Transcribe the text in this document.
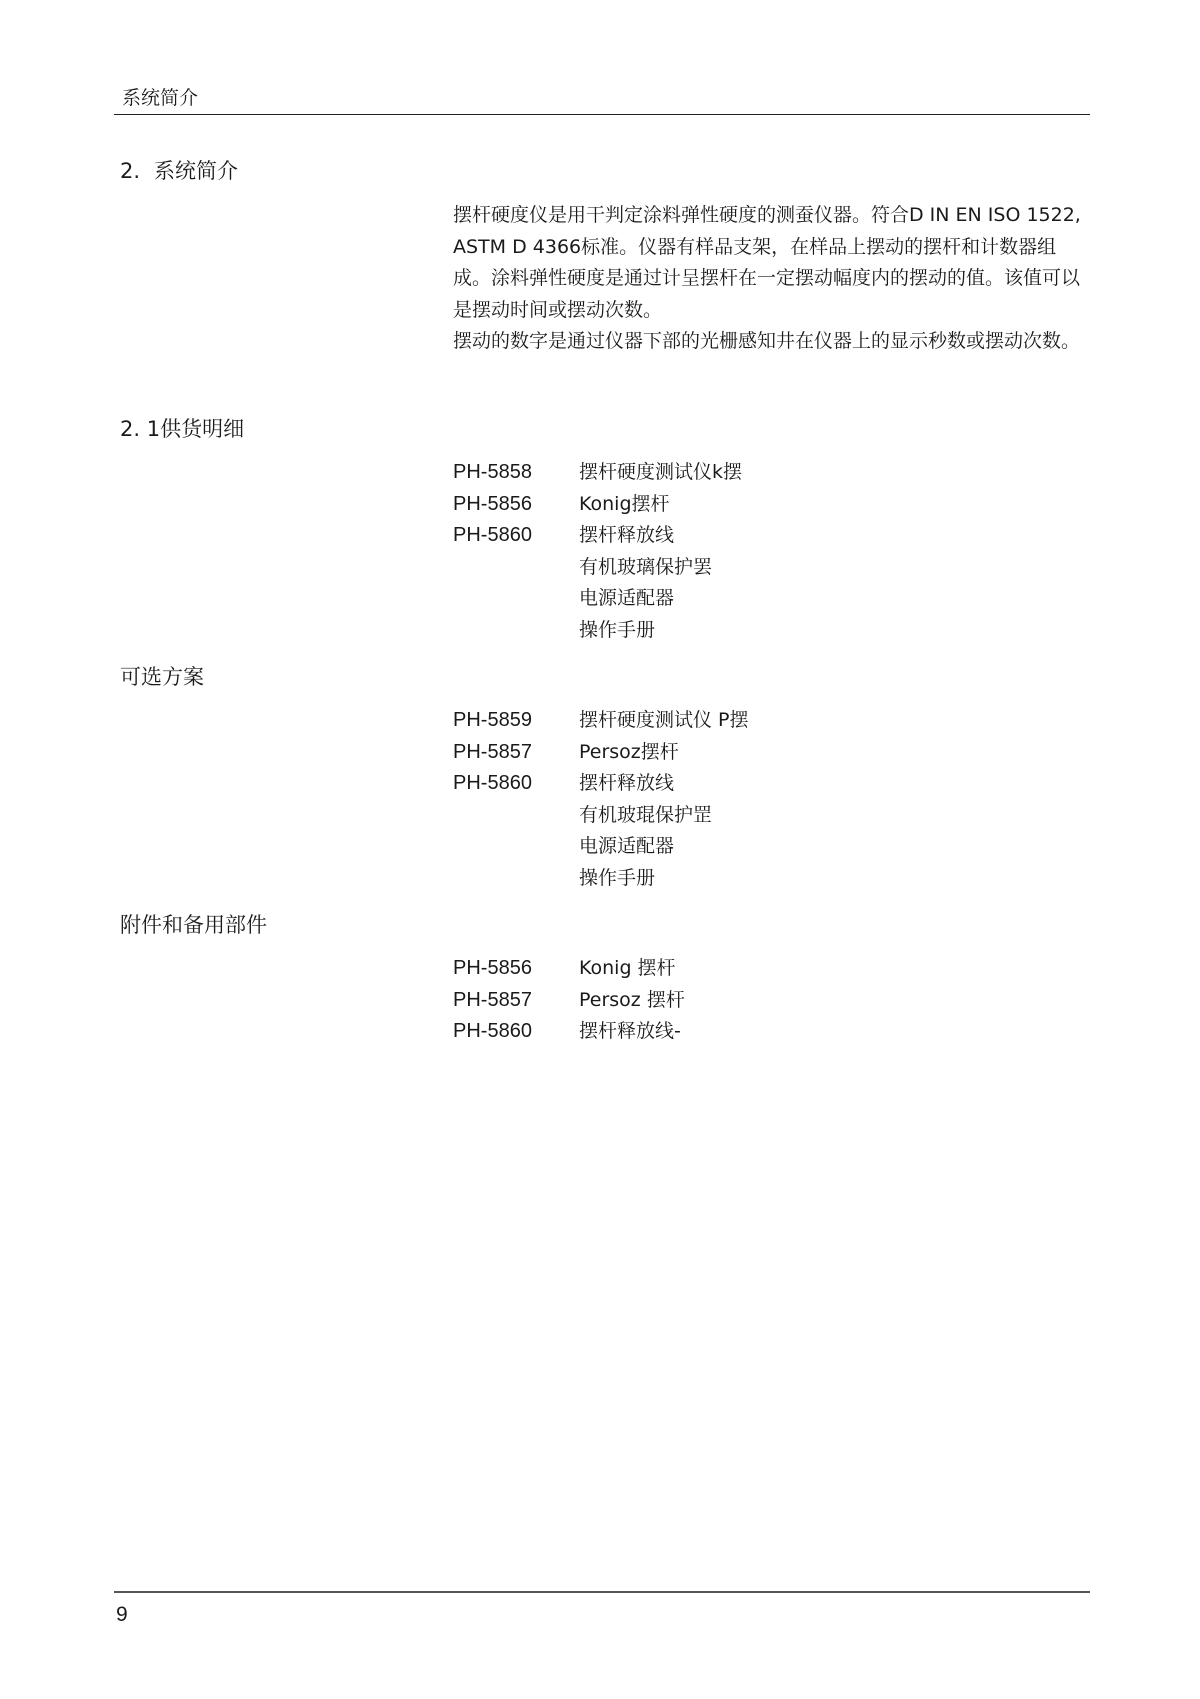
系统简介
2. 系统简介

摆杆硬度仪是用干判定涂料弹性硬度的测蚕仪器。符合D IN EN ISO 1522, ASTM D 4366标准。仪器有样品支架，在样品上摆动的摆杆和计数器组成。涂料弹性硬度是通过计呈摆杆在一定摆动幅度内的摆动的值。该值可以是摆动时间或摆动次数。

摆动的数字是通过仪器下部的光栅感知井在仪器上的显示秒数或摆动次数。

2. 1供货明细
PH-5858 摆杆硬度测试仪k摆
PH-5856 Konig摆杆
PH-5860 摆杆释放线
有机玻璃保护罢
电源适配器
操作手册
可选方案
PH-5859 摆杆硬度测试仪 P摆
PH-5857 Persoz摆杆
PH-5860 摆杆释放线
有机玻琨保护罡
电源适配器
操作手册
附件和备用部件
PH-5856 Konig 摆杆
PH-5857 Persoz 摆杆
PH-5860 摆杆释放线-
9
